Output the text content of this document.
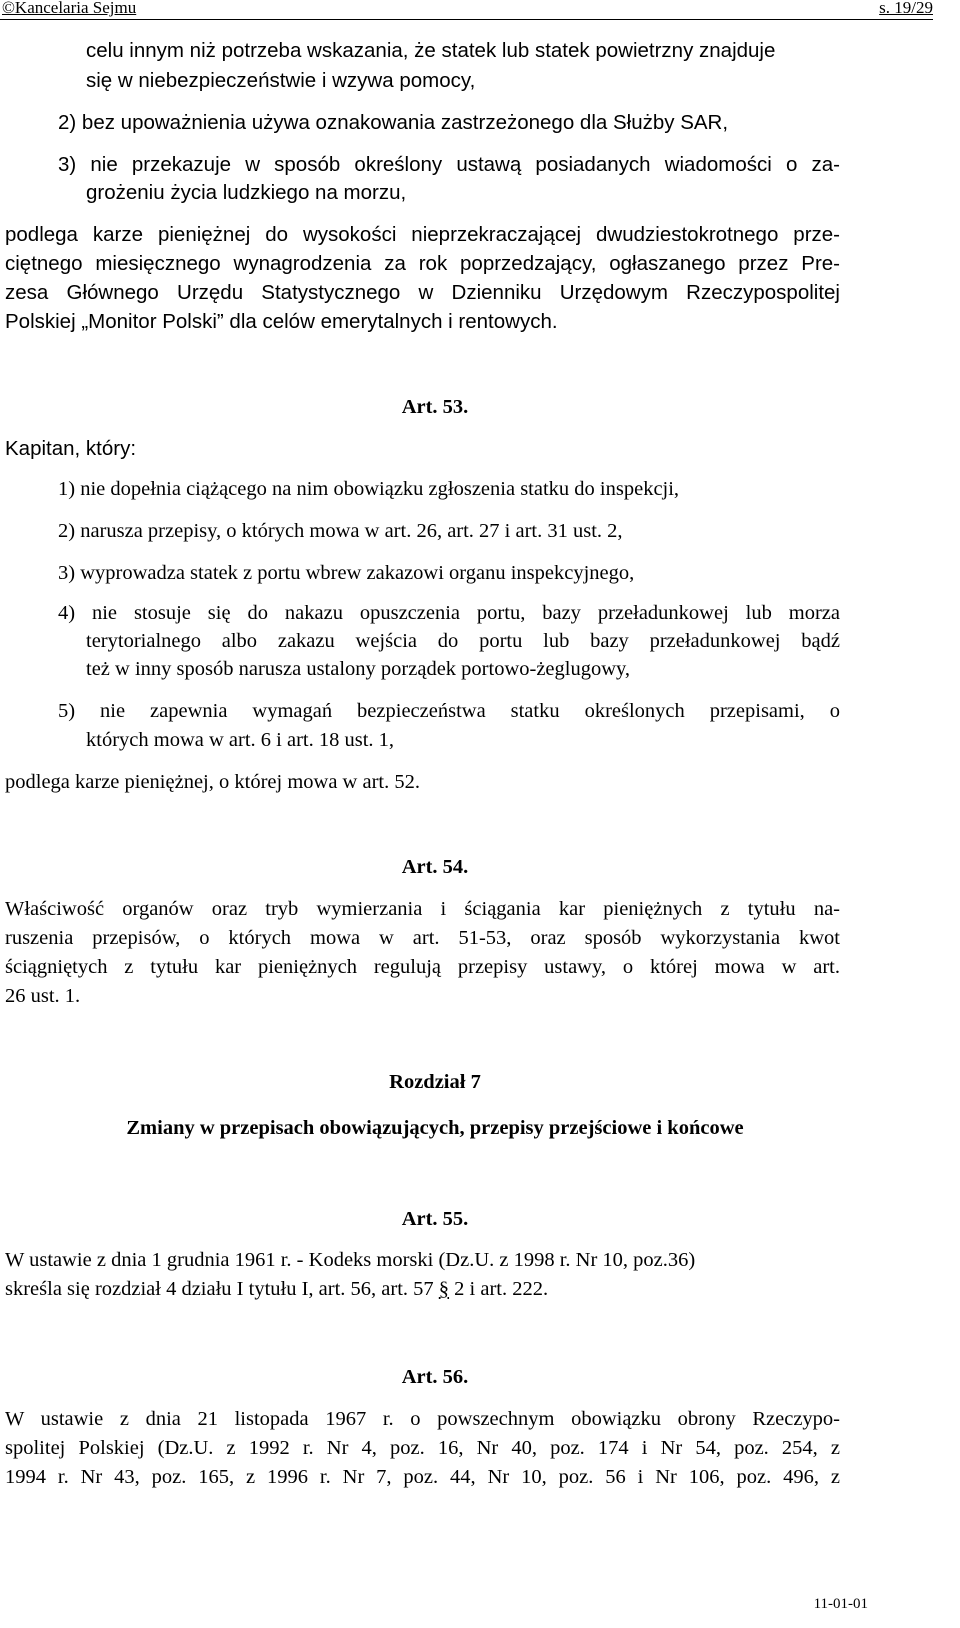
©Kancelaria Sejmu	s. 19/29
celu innym niż potrzeba wskazania, że statek lub statek powietrzny znajduje
się w niebezpieczeństwie i wzywa pomocy,
2) bez upoważnienia używa oznakowania zastrzeżonego dla Służby SAR,
3) nie przekazuje w sposób określony ustawą posiadanych wiadomości o za-
grożeniu życia ludzkiego na morzu,
podlega karze pieniężnej do wysokości nieprzekraczającej dwudziestokrotnego prze-
ciętnego miesięcznego wynagrodzenia za rok poprzedzający, ogłaszanego przez Pre-
zesa Głównego Urzędu Statystycznego w Dzienniku Urzędowym Rzeczypospolitej
Polskiej „Monitor Polski” dla celów emerytalnych i rentowych.
Art. 53.
Kapitan, który:
1) nie dopełnia ciążącego na nim obowiązku zgłoszenia statku do inspekcji,
2) narusza przepisy, o których mowa w art. 26, art. 27 i art. 31 ust. 2,
3) wyprowadza statek z portu wbrew zakazowi organu inspekcyjnego,
4) nie stosuje się do nakazu opuszczenia portu, bazy przeładunkowej lub morza
terytorialnego albo zakazu wejścia do portu lub bazy przeładunkowej bądź
też w inny sposób narusza ustalony porządek portowo-żeglugowy,
5) nie zapewnia wymagań bezpieczeństwa statku określonych przepisami, o
których mowa w art. 6 i art. 18 ust. 1,
podlega karze pieniężnej, o której mowa w art. 52.
Art. 54.
Właściwość organów oraz tryb wymierzania i ściągania kar pieniężnych z tytułu na-
ruszenia przepisów, o których mowa w art. 51-53, oraz sposób wykorzystania kwot
ściągniętych z tytułu kar pieniężnych regulują przepisy ustawy, o której mowa w art.
26 ust. 1.
Rozdział 7
Zmiany w przepisach obowiązujących, przepisy przejściowe i końcowe
Art. 55.
W ustawie z dnia 1 grudnia 1961 r. - Kodeks morski (Dz.U. z 1998 r. Nr 10, poz.36)
skreśla się rozdział 4 działu I tytułu I, art. 56, art. 57 § 2 i art. 222.
Art. 56.
W ustawie z dnia 21 listopada 1967 r. o powszechnym obowiązku obrony Rzeczypo-
spolitej Polskiej (Dz.U. z 1992 r. Nr 4, poz. 16, Nr 40, poz. 174 i Nr 54, poz. 254, z
1994 r. Nr 43, poz. 165, z 1996 r. Nr 7, poz. 44, Nr 10, poz. 56 i Nr 106, poz. 496, z
11-01-01
